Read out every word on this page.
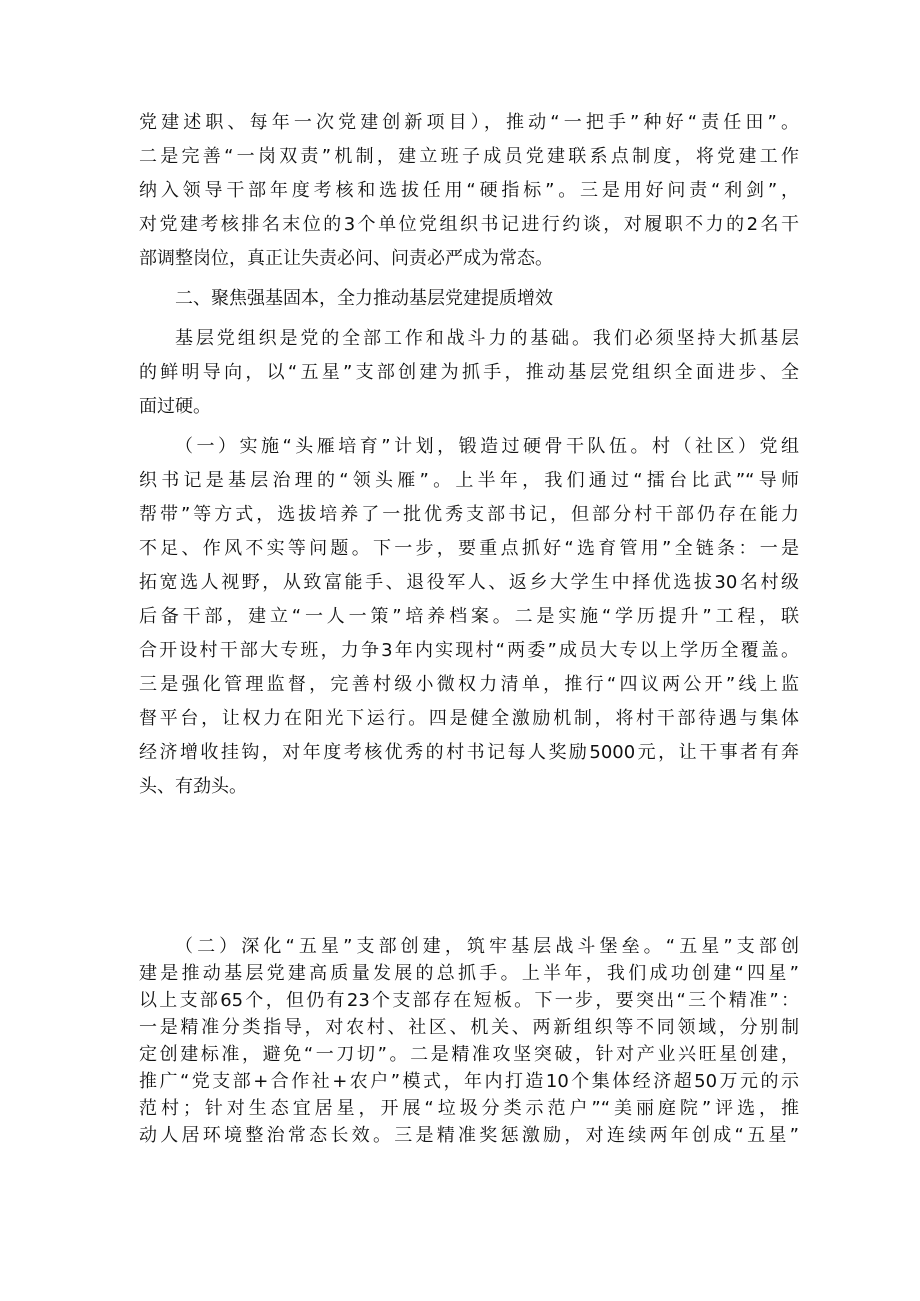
党建述职、每年一次党建创新项目），推动“一把手”种好“责任田”。
二是完善“一岗双责”机制，建立班子成员党建联系点制度，将党建工作
纳入领导干部年度考核和选拔任用“硬指标”。三是用好问责“利剑”，
对党建考核排名末位的3个单位党组织书记进行约谈，对履职不力的2名干
部调整岗位，真正让失责必问、问责必严成为常态。
二、聚焦强基固本，全力推动基层党建提质增效
基层党组织是党的全部工作和战斗力的基础。我们必须坚持大抓基层
的鲜明导向，以“五星”支部创建为抓手，推动基层党组织全面进步、全
面过硬。
（一）实施“头雁培育”计划，锻造过硬骨干队伍。村（社区）党组
织书记是基层治理的“领头雁”。上半年，我们通过“擂台比武”“导师
帮带”等方式，选拔培养了一批优秀支部书记，但部分村干部仍存在能力
不足、作风不实等问题。下一步，要重点抓好“选育管用”全链条：一是
拓宽选人视野，从致富能手、退役军人、返乡大学生中择优选拔30名村级
后备干部，建立“一人一策”培养档案。二是实施“学历提升”工程，联
合开设村干部大专班，力争3年内实现村“两委”成员大专以上学历全覆盖。
三是强化管理监督，完善村级小微权力清单，推行“四议两公开”线上监
督平台，让权力在阳光下运行。四是健全激励机制，将村干部待遇与集体
经济增收挂钩，对年度考核优秀的村书记每人奖励5000元，让干事者有奔
头、有劲头。
（二）深化“五星”支部创建，筑牢基层战斗堡垒。“五星”支部创
建是推动基层党建高质量发展的总抓手。上半年，我们成功创建“四星”
以上支部65个，但仍有23个支部存在短板。下一步，要突出“三个精准”：
一是精准分类指导，对农村、社区、机关、两新组织等不同领域，分别制
定创建标准，避免“一刀切”。二是精准攻坚突破，针对产业兴旺星创建，
推广“党支部+合作社+农户”模式，年内打造10个集体经济超50万元的示
范村；针对生态宜居星，开展“垃圾分类示范户”“美丽庭院”评选，推
动人居环境整治常态长效。三是精准奖惩激励，对连续两年创成“五星”
